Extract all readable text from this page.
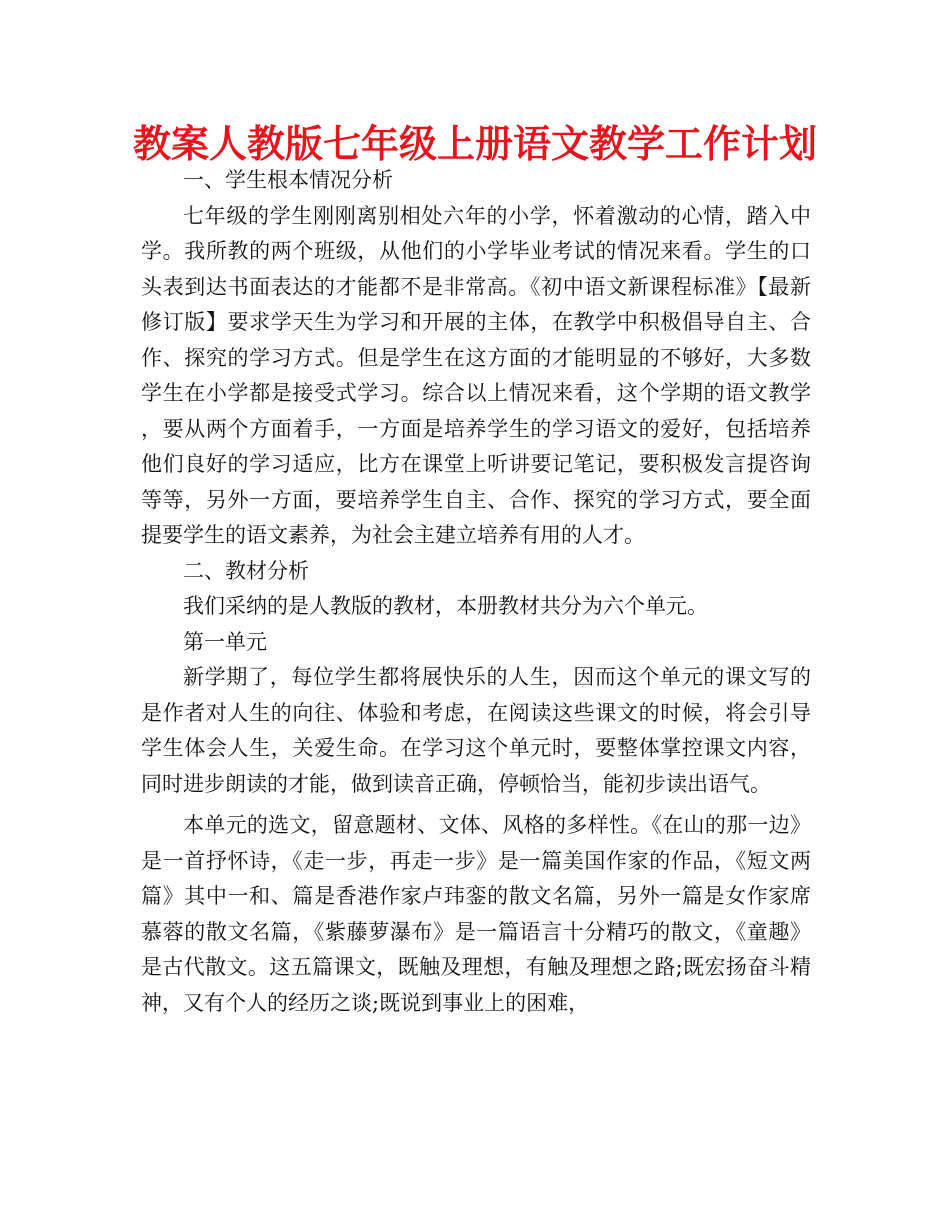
教案人教版七年级上册语文教学工作计划

一、学生根本情况分析

七年级的学生刚刚离别相处六年的小学，怀着激动的心情，踏入中学。我所教的两个班级，从他们的小学毕业考试的情况来看。学生的口头表到达书面表达的才能都不是非常高。《初中语文新课程标准》【最新修订版】要求学天生为学习和开展的主体，在教学中积极倡导自主、合作、探究的学习方式。但是学生在这方面的才能明显的不够好，大多数学生在小学都是接受式学习。综合以上情况来看，这个学期的语文教学，要从两个方面着手，一方面是培养学生的学习语文的爱好，包括培养他们良好的学习适应，比方在课堂上听讲要记笔记，要积极发言提咨询等等，另外一方面，要培养学生自主、合作、探究的学习方式，要全面提要学生的语文素养，为社会主建立培养有用的人才。

二、教材分析

我们采纳的是人教版的教材，本册教材共分为六个单元。

第一单元

新学期了，每位学生都将展快乐的人生，因而这个单元的课文写的是作者对人生的向往、体验和考虑，在阅读这些课文的时候，将会引导学生体会人生，关爱生命。在学习这个单元时，要整体掌控课文内容，同时进步朗读的才能，做到读音正确，停顿恰当，能初步读出语气。

本单元的选文，留意题材、文体、风格的多样性。《在山的那一边》是一首抒怀诗，《走一步，再走一步》是一篇美国作家的作品，《短文两篇》其中一和、篇是香港作家卢玮銮的散文名篇，另外一篇是女作家席慕蓉的散文名篇，《紫藤萝瀑布》是一篇语言十分精巧的散文，《童趣》是古代散文。这五篇课文，既触及理想，有触及理想之路;既宏扬奋斗精神，又有个人的经历之谈;既说到事业上的困难，
